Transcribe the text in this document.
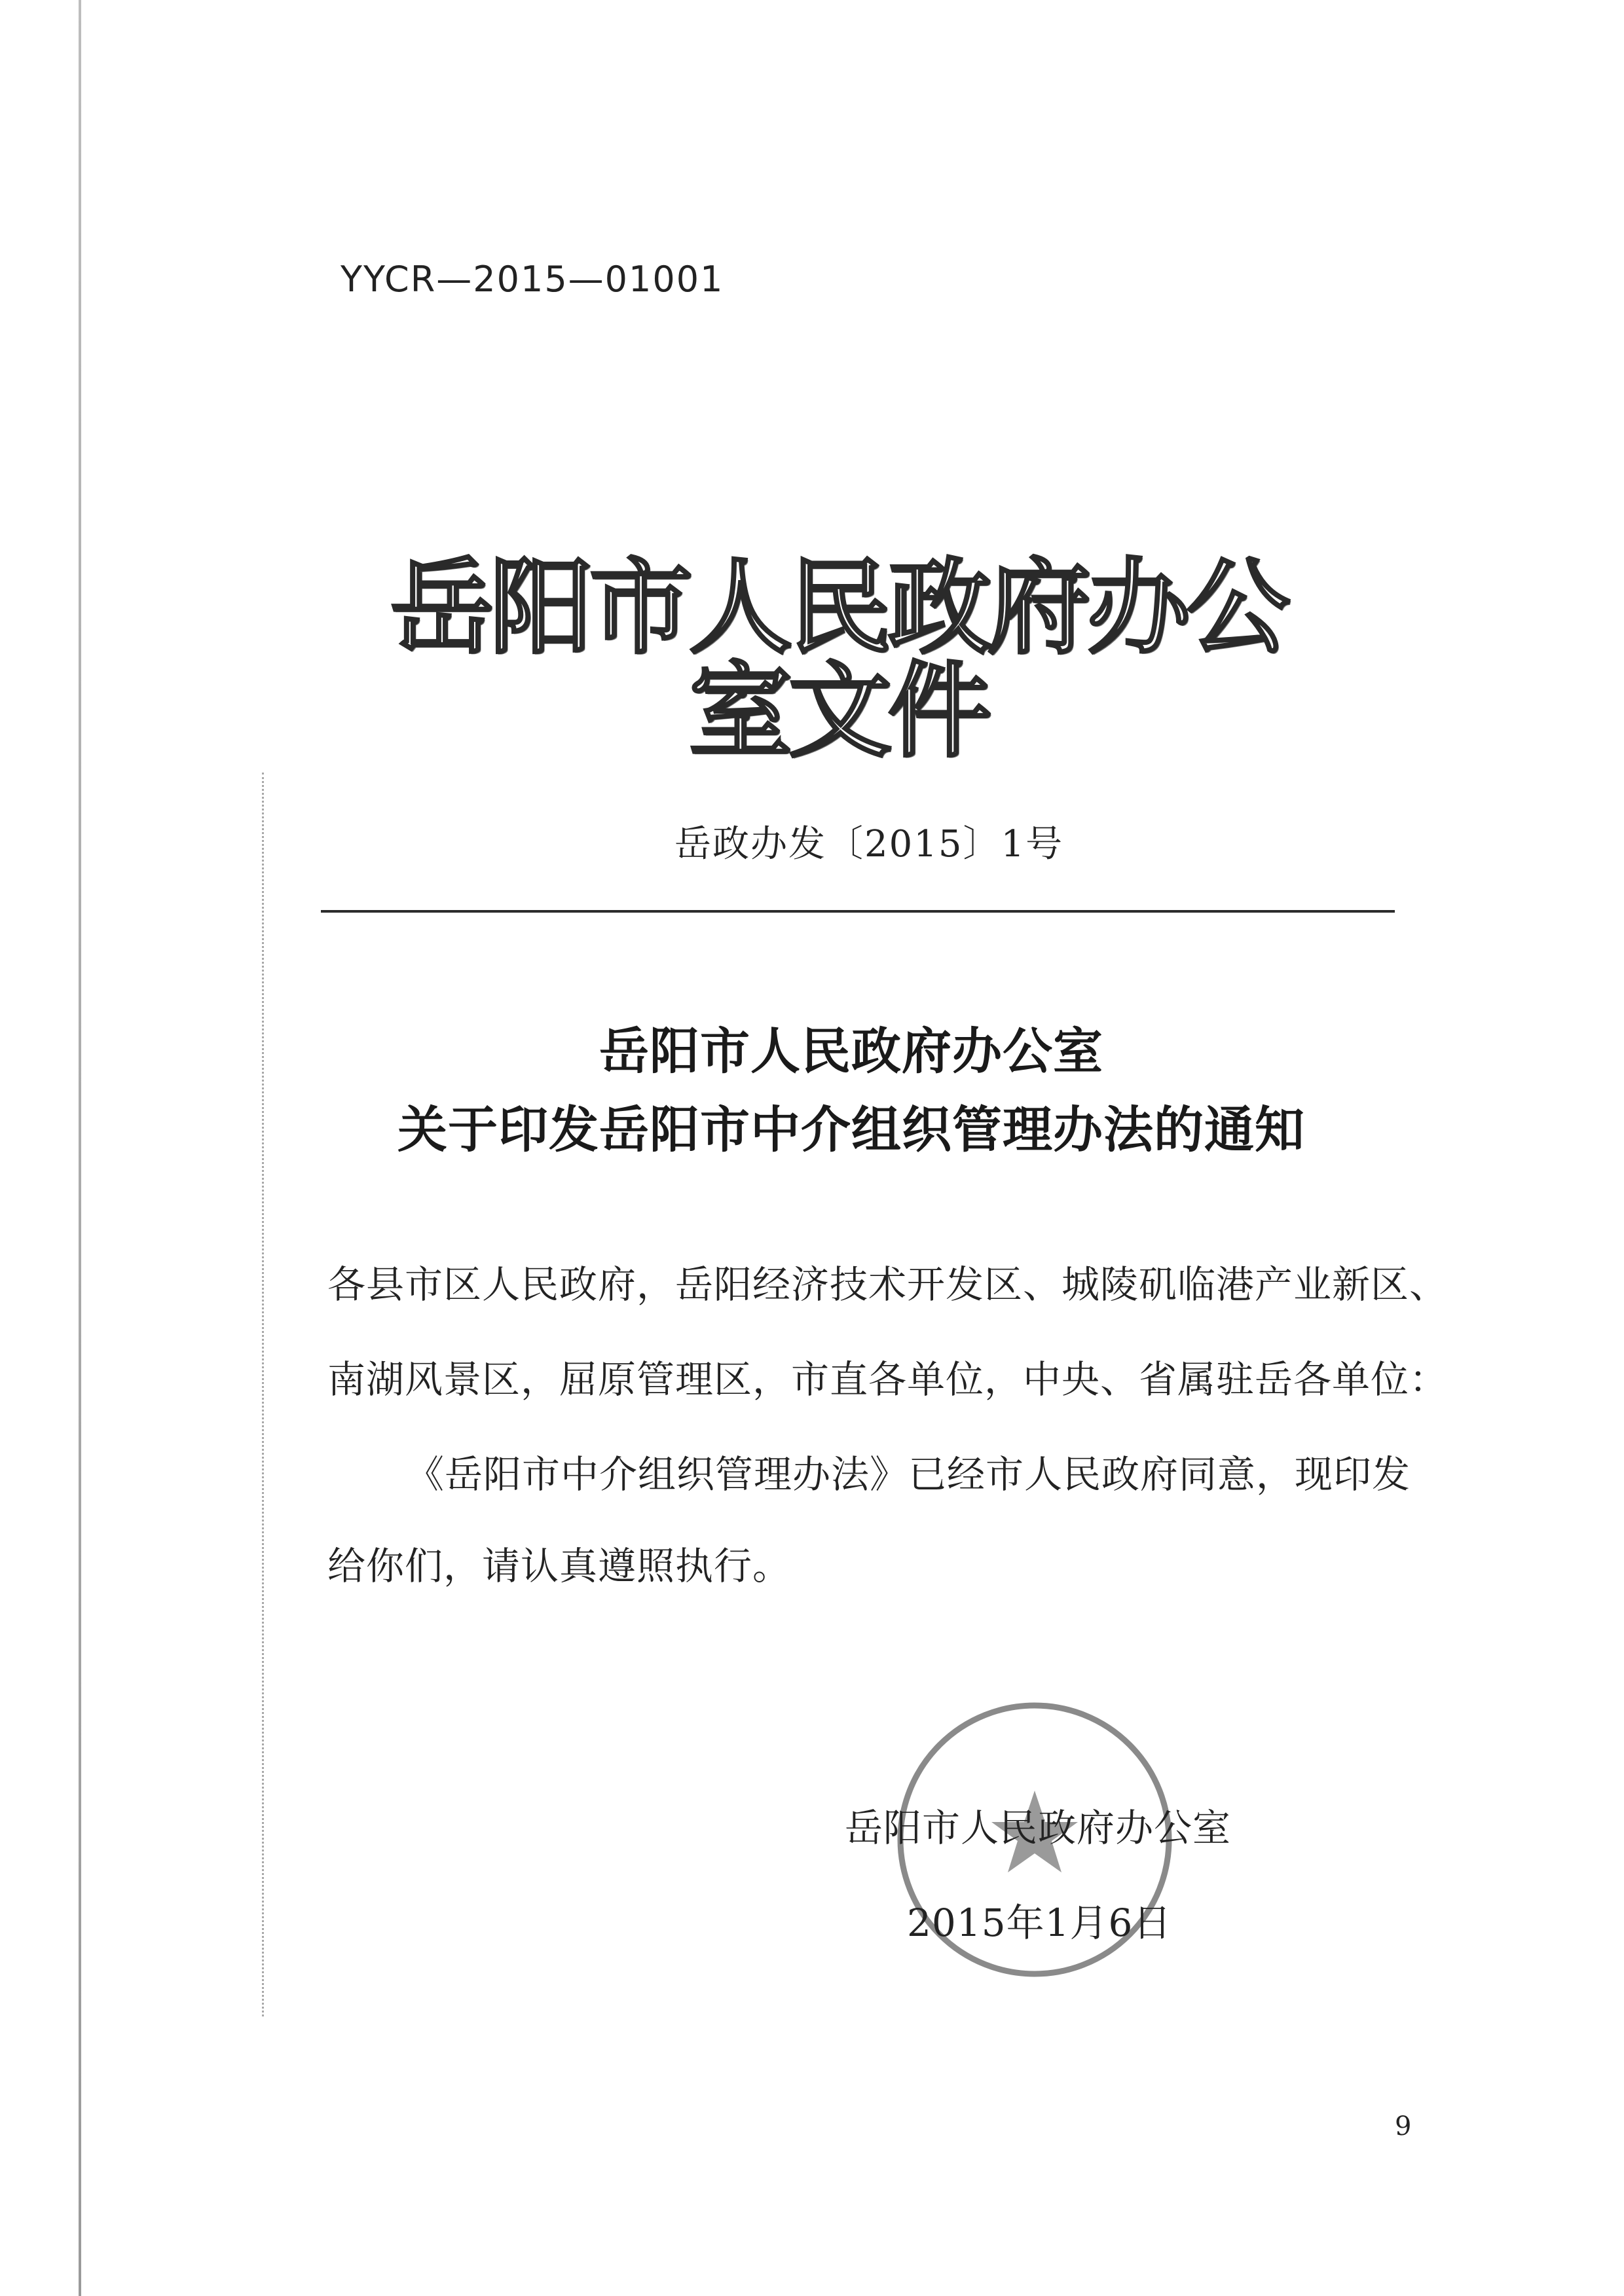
YYCR—2015—01001
岳阳市人民政府办公室文件
岳政办发〔2015〕1号
岳阳市人民政府办公室
关于印发岳阳市中介组织管理办法的通知
各县市区人民政府，岳阳经济技术开发区、城陵矶临港产业新区、
南湖风景区，屈原管理区，市直各单位，中央、省属驻岳各单位：
《岳阳市中介组织管理办法》已经市人民政府同意，现印发
给你们，请认真遵照执行。
岳阳市人民政府办公室
2015年1月6日
9
